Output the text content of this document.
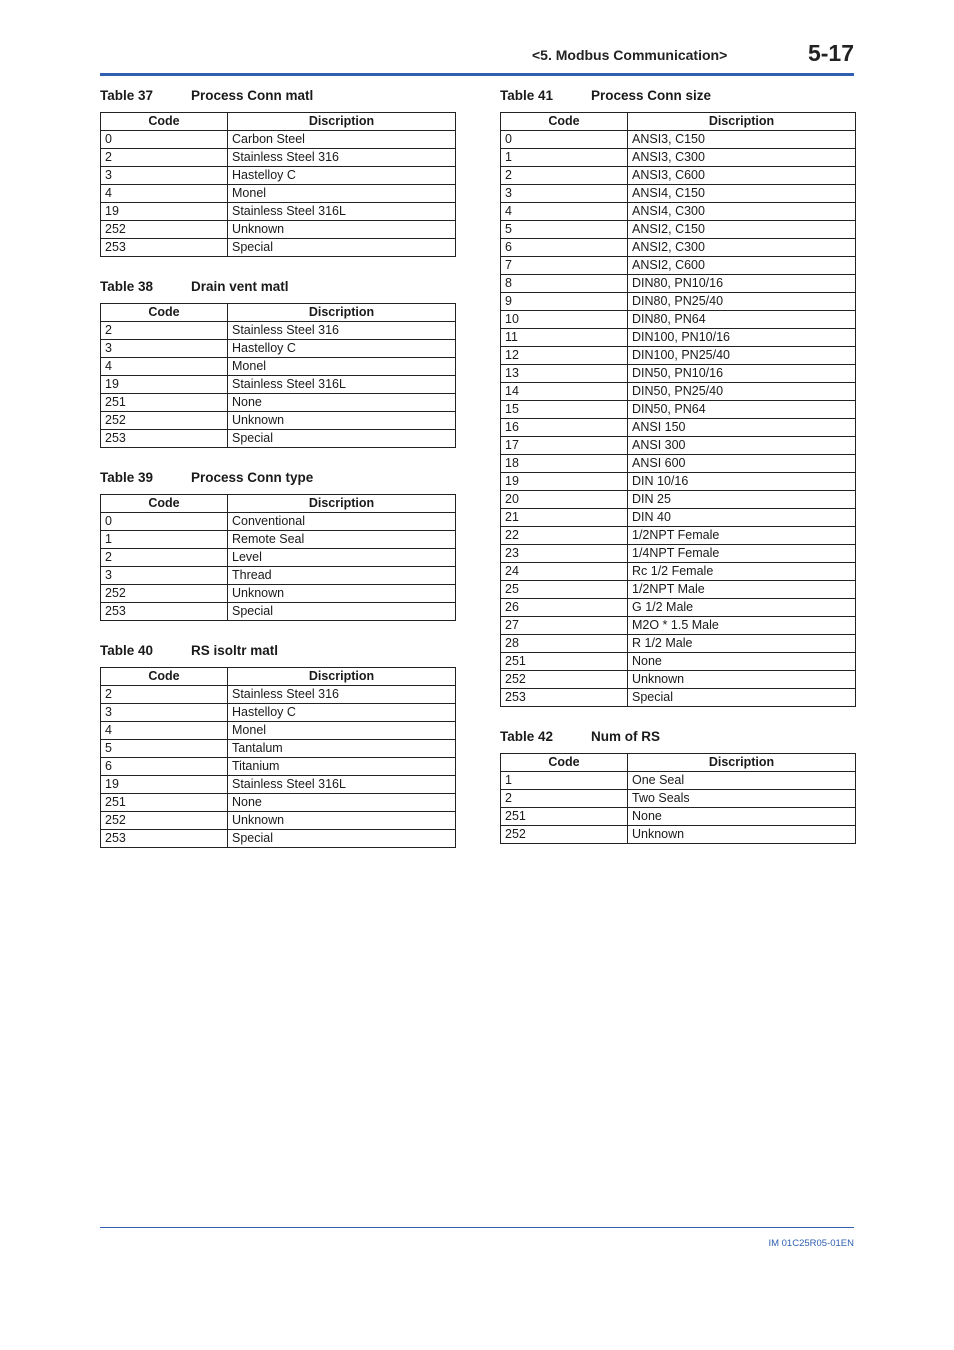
<5. Modbus Communication>	5-17
Table 37	Process Conn matl
Code	Discription
0	Carbon Steel
2	Stainless Steel 316
3	Hastelloy C
4	Monel
19	Stainless Steel 316L
252	Unknown
253	Special
Table 38	Drain vent matl
Code	Discription
2	Stainless Steel 316
3	Hastelloy C
4	Monel
19	Stainless Steel 316L
251	None
252	Unknown
253	Special
Table 39	Process Conn type
Code	Discription
0	Conventional
1	Remote Seal
2	Level
3	Thread
252	Unknown
253	Special
Table 40	RS isoltr matl
Code	Discription
2	Stainless Steel 316
3	Hastelloy C
4	Monel
5	Tantalum
6	Titanium
19	Stainless Steel 316L
251	None
252	Unknown
253	Special
Table 41	Process Conn size
Code	Discription
0	ANSI3, C150
1	ANSI3, C300
2	ANSI3, C600
3	ANSI4, C150
4	ANSI4, C300
5	ANSI2, C150
6	ANSI2, C300
7	ANSI2, C600
8	DIN80, PN10/16
9	DIN80, PN25/40
10	DIN80, PN64
11	DIN100, PN10/16
12	DIN100, PN25/40
13	DIN50, PN10/16
14	DIN50, PN25/40
15	DIN50, PN64
16	ANSI 150
17	ANSI 300
18	ANSI 600
19	DIN 10/16
20	DIN 25
21	DIN 40
22	1/2NPT Female
23	1/4NPT Female
24	Rc 1/2 Female
25	1/2NPT Male
26	G 1/2 Male
27	M2O * 1.5 Male
28	R 1/2 Male
251	None
252	Unknown
253	Special
Table 42	Num of RS
Code	Discription
1	One Seal
2	Two Seals
251	None
252	Unknown
IM 01C25R05-01EN
